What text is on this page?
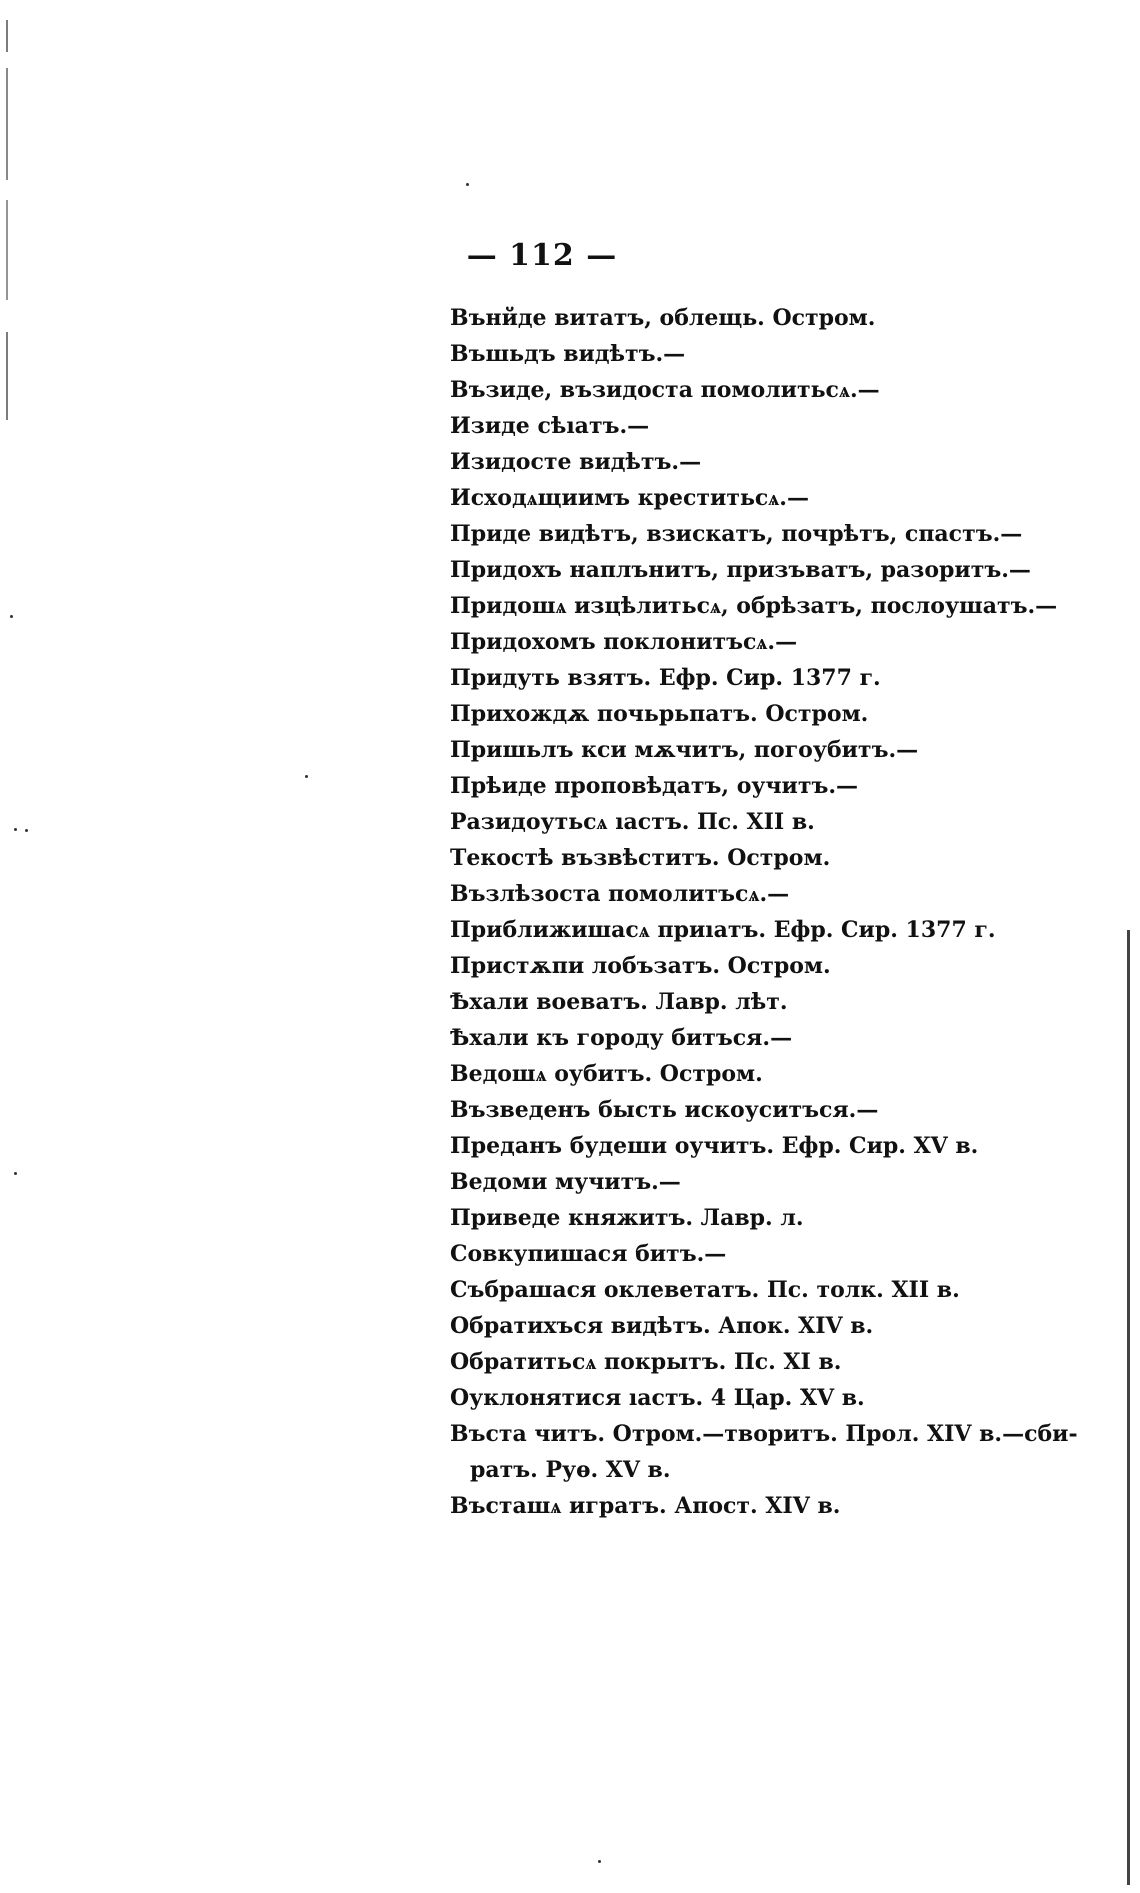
— 112 —
Вънйде витатъ, облещь. Остром.
Въшьдъ видѣтъ.—
Възиде, възидоста помолитьсѧ.—
Изиде сѣıатъ.—
Изидосте видѣтъ.—
Исходѧщиимъ креститьсѧ.—
Приде видѣтъ, взискатъ, почрѣтъ, спастъ.—
Придохъ наплънитъ, призъватъ, разоритъ.—
Придошѧ изцѣлитьсѧ, обрѣзатъ, послоушатъ.—
Придохомъ поклонитъсѧ.—
Придуть взятъ. Ефр. Сир. 1377 г.
Прихождѫ почьрьпатъ. Остром.
Пришьлъ кси мѫчитъ, погоубитъ.—
Прѣиде проповѣдатъ, оучитъ.—
Разидоутьсѧ ıастъ. Пс. XII в.
Текостѣ възвѣститъ. Остром.
Възлѣзоста помолитъсѧ.—
Приближишасѧ приıатъ. Ефр. Сир. 1377 г.
Пристѫпи лобъзатъ. Остром.
Ѣхали воеватъ. Лавр. лѣт.
Ѣхали къ городу битъся.—
Ведошѧ оубитъ. Остром.
Възведенъ бысть искоуситъся.—
Преданъ будеши оучитъ. Ефр. Сир. XV в.
Ведоми мучитъ.—
Приведе княжитъ. Лавр. л.
Совкупишася битъ.—
Събрашася оклеветатъ. Пс. толк. XII в.
Обратихъся видѣтъ. Апок. XIV в.
Обратитьсѧ покрытъ. Пс. XI в.
Оуклонятися ıастъ. 4 Цар. XV в.
Въста читъ. Отром.—творитъ. Прол. XIV в.—сби-
ратъ. Руѳ. XV в.
Въсташѧ игратъ. Апост. XIV в.
